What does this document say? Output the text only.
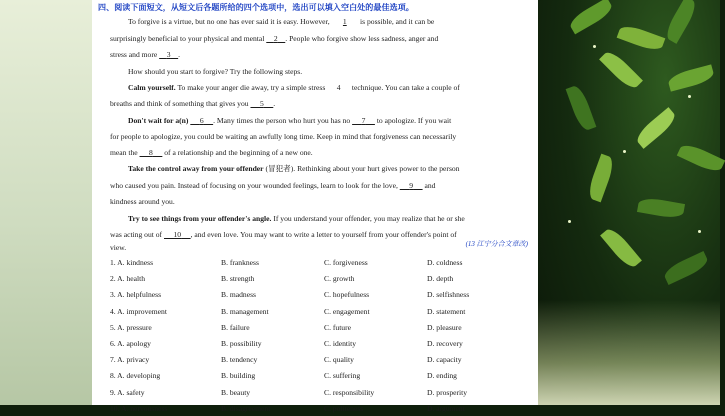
四、阅读下面短文，从短文后各题所给的四个选项中，选出可以填入空白处的最佳选项。
To forgive is a virtue, but no one has ever said it is easy. However, 1 is possible, and it can be
surprisingly beneficial to your physical and mental 2 . People who forgive show less sadness, anger and
stress and more 3 .
How should you start to forgive? Try the following steps.
Calm yourself. To make your anger die away, try a simple stress 4 technique. You can take a couple of
breaths and think of something that gives you 5 .
Don't wait for a(n) 6 . Many times the person who hurt you has no 7 to apologize. If you wait
for people to apologize, you could be waiting an awfully long time. Keep in mind that forgiveness can necessarily
mean the 8 of a relationship and the beginning of a new one.
Take the control away from your offender (冒犯者). Rethinking about your hurt gives power to the person
who caused you pain. Instead of focusing on your wounded feelings, learn to look for the love, 9 and
kindness around you.
Try to see things from your offender's angle. If you understand your offender, you may realize that he or she
was acting out of 10 , and even love. You may want to write a letter to yourself from your offender's point of
view.	(13 江宁分合文章改)
1. A. kindness	B. frankness	C. forgiveness	D. coldness
2. A. health	B. strength	C. growth	D. depth
3. A. helpfulness	B. madness	C. hopefulness	D. selfishness
4. A. improvement	B. management	C. engagement	D. statement
5. A. pressure	B. failure	C. future	D. pleasure
6. A. apology	B. possibility	C. identity	D. recovery
7. A. privacy	B. tendency	C. quality	D. capacity
8. A. developing	B. building	C. suffering	D. ending
9. A. safety	B. beauty	C. responsibility	D. prosperity
10. A. nervousness	B. disagreement	C. politeness	D. argument
